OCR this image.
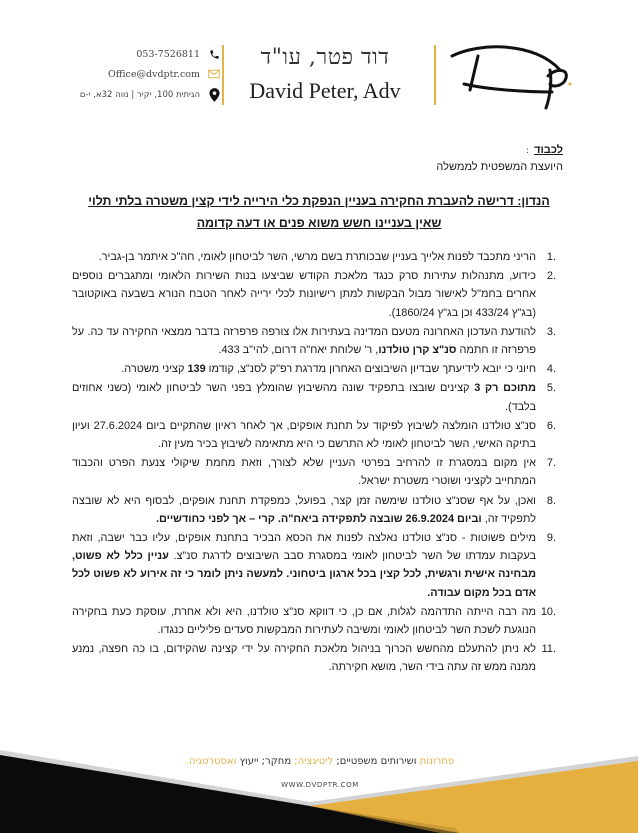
053-7526811
Office@dvdptr.com
הגיתית 100, יקיר | נווה 32א, י-ם
דוד פטר, עו"ד
David Peter, Adv
לכבוד :
היועצת המשפטית לממשלה
הנדון: דרישה להעברת החקירה בעניין הנפקת כלי הירייה לידי קצין משטרה בלתי תלוי
שאין בעניינו חשש משוא פנים או דעה קדומה
1.
הריני מתכבד לפנות אלייך בעניין שבכותרת בשם מרשי, השר לביטחון לאומי, חה"כ איתמר בן-גביר.
2.
כידוע, מתנהלות עתירות סרק כנגד מלאכת הקודש שביצעו בנות השירות הלאומי ומתגברים נוספים אחרים בחמ"ל לאישור מבול הבקשות למתן רישיונות לכלי ירייה לאחר הטבח הנורא בשבעה באוקטובר (בג"ץ 433/24 וכן בג"ץ 1860/24).
3.
להודעת העדכון האחרונה מטעם המדינה בעתירות אלו צורפה פרפרזה בדבר ממצאי החקירה עד כה. על פרפרזה זו חתמה סנ"צ קרן טולדנו, ר' שלוחת יאח"ה דרום, להי"ב 433.
4.
חיוני כי יובא לידיעתך שבדיון השיבוצים האחרון מדרגת רפ"ק לסנ"צ, קודמו 139 קציני משטרה.
5.
מתוכם רק 3 קצינים שובצו בתפקיד שונה מהשיבוץ שהומלץ בפני השר לביטחון לאומי (כשני אחוזים בלבד).
6.
סנ"צ טולדנו הומלצה לשיבוץ לפיקוד על תחנת אופקים, אך לאחר ראיון שהתקיים ביום 27.6.2024 ועיון בתיקה האישי, השר לביטחון לאומי לא התרשם כי היא מתאימה לשיבוץ בכיר מעין זה.
7.
אין מקום במסגרת זו להרחיב בפרטי העניין שלא לצורך, וזאת מחמת שיקולי צנעת הפרט והכבוד המתחייב לקציני ושוטרי משטרת ישראל.
8.
ואכן, על אף שסנ"צ טולדנו שימשה זמן קצר, בפועל, כמפקדת תחנת אופקים, לבסוף היא לא שובצה לתפקיד זה, וביום 26.9.2024 שובצה לתפקידה ביאח"ה. קרי – אך לפני כחודשיים.
9.
מילים פשוטות - סנ"צ טולדנו נאלצה לפנות את הכסא הבכיר בתחנת אופקים, עליו כבר ישבה, וזאת בעקבות עמדתו של השר לביטחון לאומי במסגרת סבב השיבוצים לדרגת סנ"צ. עניין כלל לא פשוט, מבחינה אישית ורגשית, לכל קצין בכל ארגון ביטחוני. למעשה ניתן לומר כי זה אירוע לא פשוט לכל אדם בכל מקום עבודה.
10.
מה רבה הייתה התדהמה לגלות, אם כן, כי דווקא סנ"צ טולדנו, היא ולא אחרת, עוסקת כעת בחקירה הנוגעת לשכת השר לביטחון לאומי ומשיבה לעתירות המבקשות סעדים פליליים כנגדו.
11.
לא ניתן להתעלם מהחשש הכרוך בניהול מלאכת החקירה על ידי קצינה שהקידום, בו כה חפצה, נמנע ממנה ממש זה עתה בידי השר, מושא חקירתה.
פתרונות ושירותים משפטיים; ליטיגציה; מחקר; ייעוץ ואסטרטגיה.
WWW.DVDPTR.COM
